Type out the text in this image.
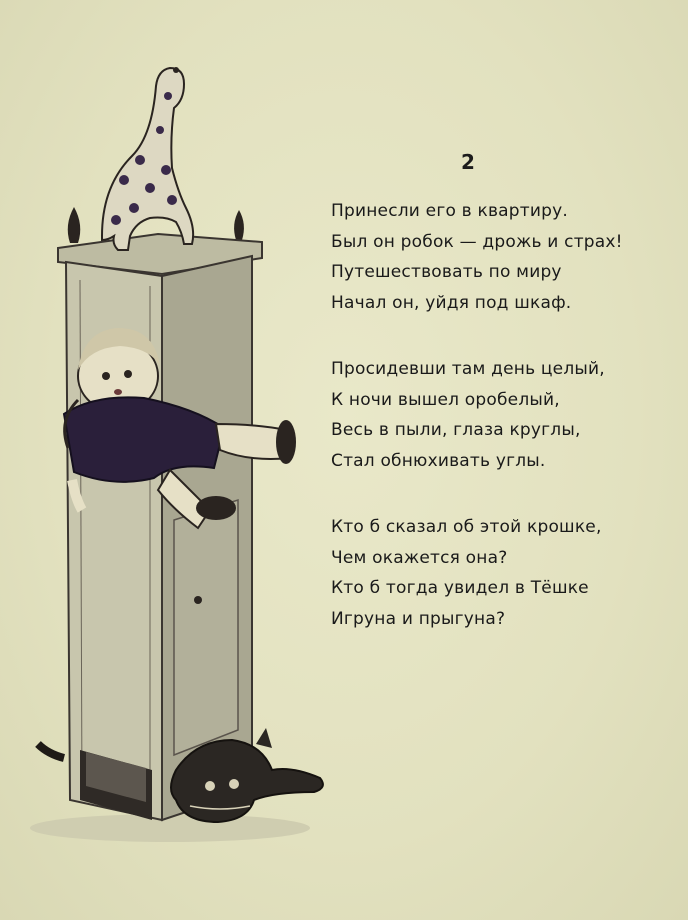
2
Принесли его в квартиру.
Был он робок — дрожь и страх!
Путешествовать по миру
Начал он, уйдя под шкаф.
Просидевши там день целый,
К ночи вышел оробелый,
Весь в пыли, глаза круглы,
Стал обнюхивать углы.
Кто б сказал об этой крошке,
Чем окажется она?
Кто б тогда увидел в Тёшке
Игруна и прыгуна?
